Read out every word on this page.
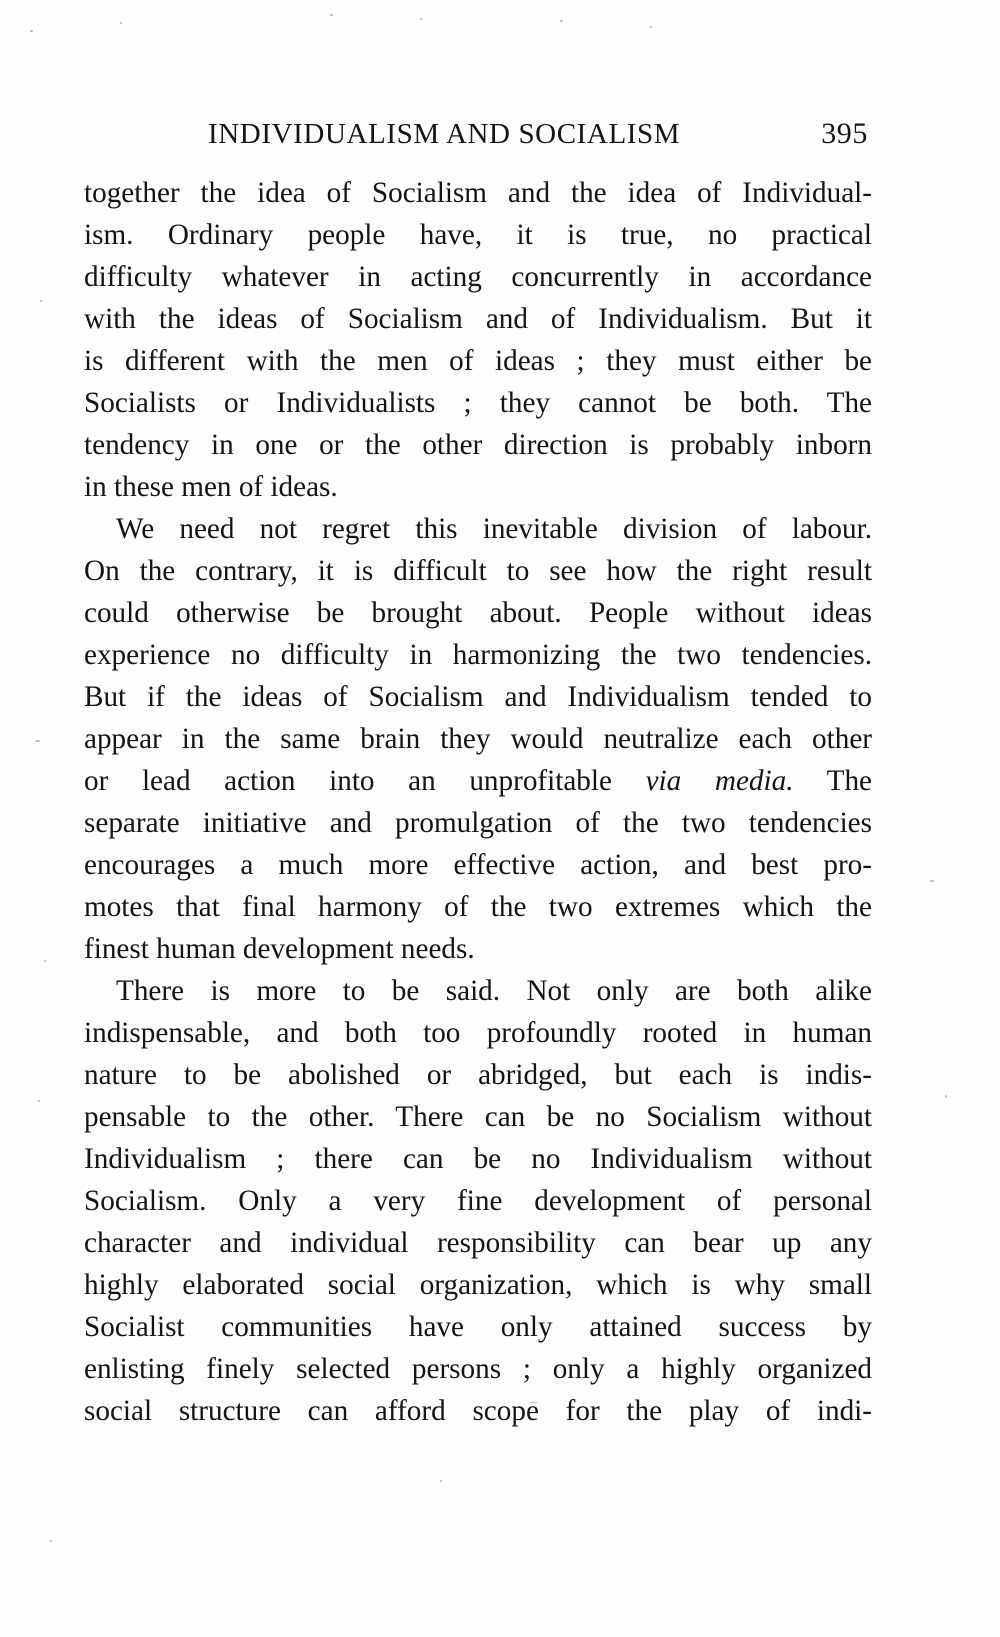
INDIVIDUALISM AND SOCIALISM	395
together the idea of Socialism and the idea of Individual-
ism. Ordinary people have, it is true, no practical
difficulty whatever in acting concurrently in accordance
with the ideas of Socialism and of Individualism. But it
is different with the men of ideas ; they must either be
Socialists or Individualists ; they cannot be both. The
tendency in one or the other direction is probably inborn
in these men of ideas.
We need not regret this inevitable division of labour.
On the contrary, it is difficult to see how the right result
could otherwise be brought about. People without ideas
experience no difficulty in harmonizing the two tendencies.
But if the ideas of Socialism and Individualism tended to
appear in the same brain they would neutralize each other
or lead action into an unprofitable via media. The
separate initiative and promulgation of the two tendencies
encourages a much more effective action, and best pro-
motes that final harmony of the two extremes which the
finest human development needs.
There is more to be said. Not only are both alike
indispensable, and both too profoundly rooted in human
nature to be abolished or abridged, but each is indis-
pensable to the other. There can be no Socialism without
Individualism ; there can be no Individualism without
Socialism. Only a very fine development of personal
character and individual responsibility can bear up any
highly elaborated social organization, which is why small
Socialist communities have only attained success by
enlisting finely selected persons ; only a highly organized
social structure can afford scope for the play of indi-
